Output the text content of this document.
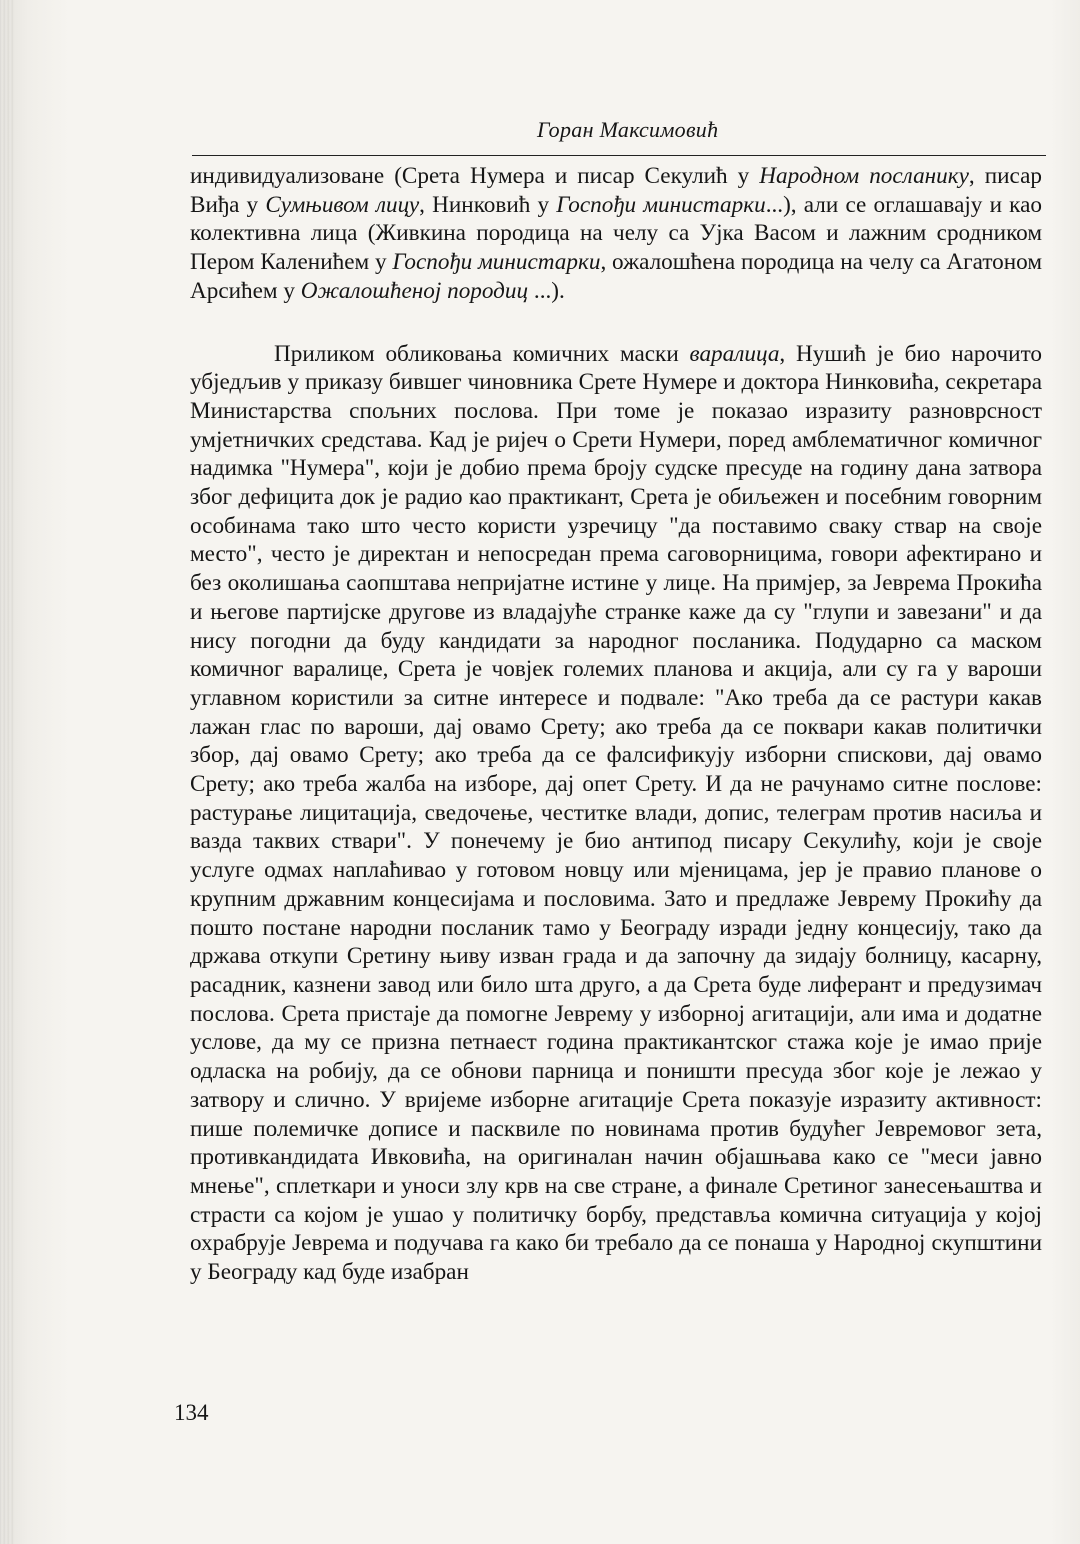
Горан Максимовић

индивидуализоване (Срета Нумера и писар Секулић у Народном посланику, писар Виђа у Сумњивом лицу, Нинковић у Госпођи министарки...), али се оглашавају и као колективна лица (Живкина породица на челу са Ујка Васом и лажним сродником Пером Каленићем у Госпођи министарки, ожалошћена породица на челу са Агатоном Арсићем у Ожалошћеној породиц ...).

Приликом обликовања комичних маски варалица, Нушић је био нарочито убједљив у приказу бившег чиновника Срете Нумере и доктора Нинковића, секретара Министарства спољних послова. При томе је показао изразиту разноврсност умјетничких средстава. Кад је ријеч о Срети Нумери, поред амблематичног комичног надимка "Нумера", који је добио према броју судске пресуде на годину дана затвора због дефицита док је радио као практикант, Срета је обиљежен и посебним говорним особинама тако што често користи узречицу "да поставимо сваку ствар на своје место", често је директан и непосредан према саговорницима, говори афектирано и без околишања саопштава непријатне истине у лице. На примјер, за Јеврема Прокића и његове партијске другове из владајуће странке каже да су "глупи и завезани" и да нису погодни да буду кандидати за народног посланика. Подударно са маском комичног варалице, Срета је човјек големих планова и акција, али су га у вароши углавном користили за ситне интересе и подвале: "Ако треба да се растури какав лажан глас по вароши, дај овамо Срету; ако треба да се поквари какав политички збор, дај овамо Срету; ако треба да се фалсификују изборни спискови, дај овамо Срету; ако треба жалба на изборе, дај опет Срету. И да не рачунамо ситне послове: растурање лицитација, сведочење, честитке влади, допис, телеграм против насиља и вазда таквих ствари". У понечему је био антипод писару Секулићу, који је своје услуге одмах наплаћивао у готовом новцу или мјеницама, јер је правио планове о крупним државним концесијама и пословима. Зато и предлаже Јеврему Прокићу да пошто постане народни посланик тамо у Београду изради једну концесију, тако да држава откупи Сретину њиву изван града и да започну да зидају болницу, касарну, расадник, казнени завод или било шта друго, а да Срета буде лиферант и предузимач послова. Срета пристаје да помогне Јеврему у изборној агитацији, али има и додатне услове, да му се призна петнаест година практикантског стажа које је имао прије одласка на робију, да се обнови парница и поништи пресуда због које је лежао у затвору и слично. У вријеме изборне агитације Срета показује изразиту активност: пише полемичке дописе и пасквиле по новинама против будућег Јевремовог зета, противкандидата Ивковића, на оригиналан начин објашњава како се "меси јавно мнење", сплеткари и уноси злу крв на све стране, а финале Сретиног занесењаштва и страсти са којом је ушао у политичку борбу, представља комична ситуација у којој охрабрује Јеврема и подучава га како би требало да се понаша у Народној скупштини у Београду кад буде изабран

134
